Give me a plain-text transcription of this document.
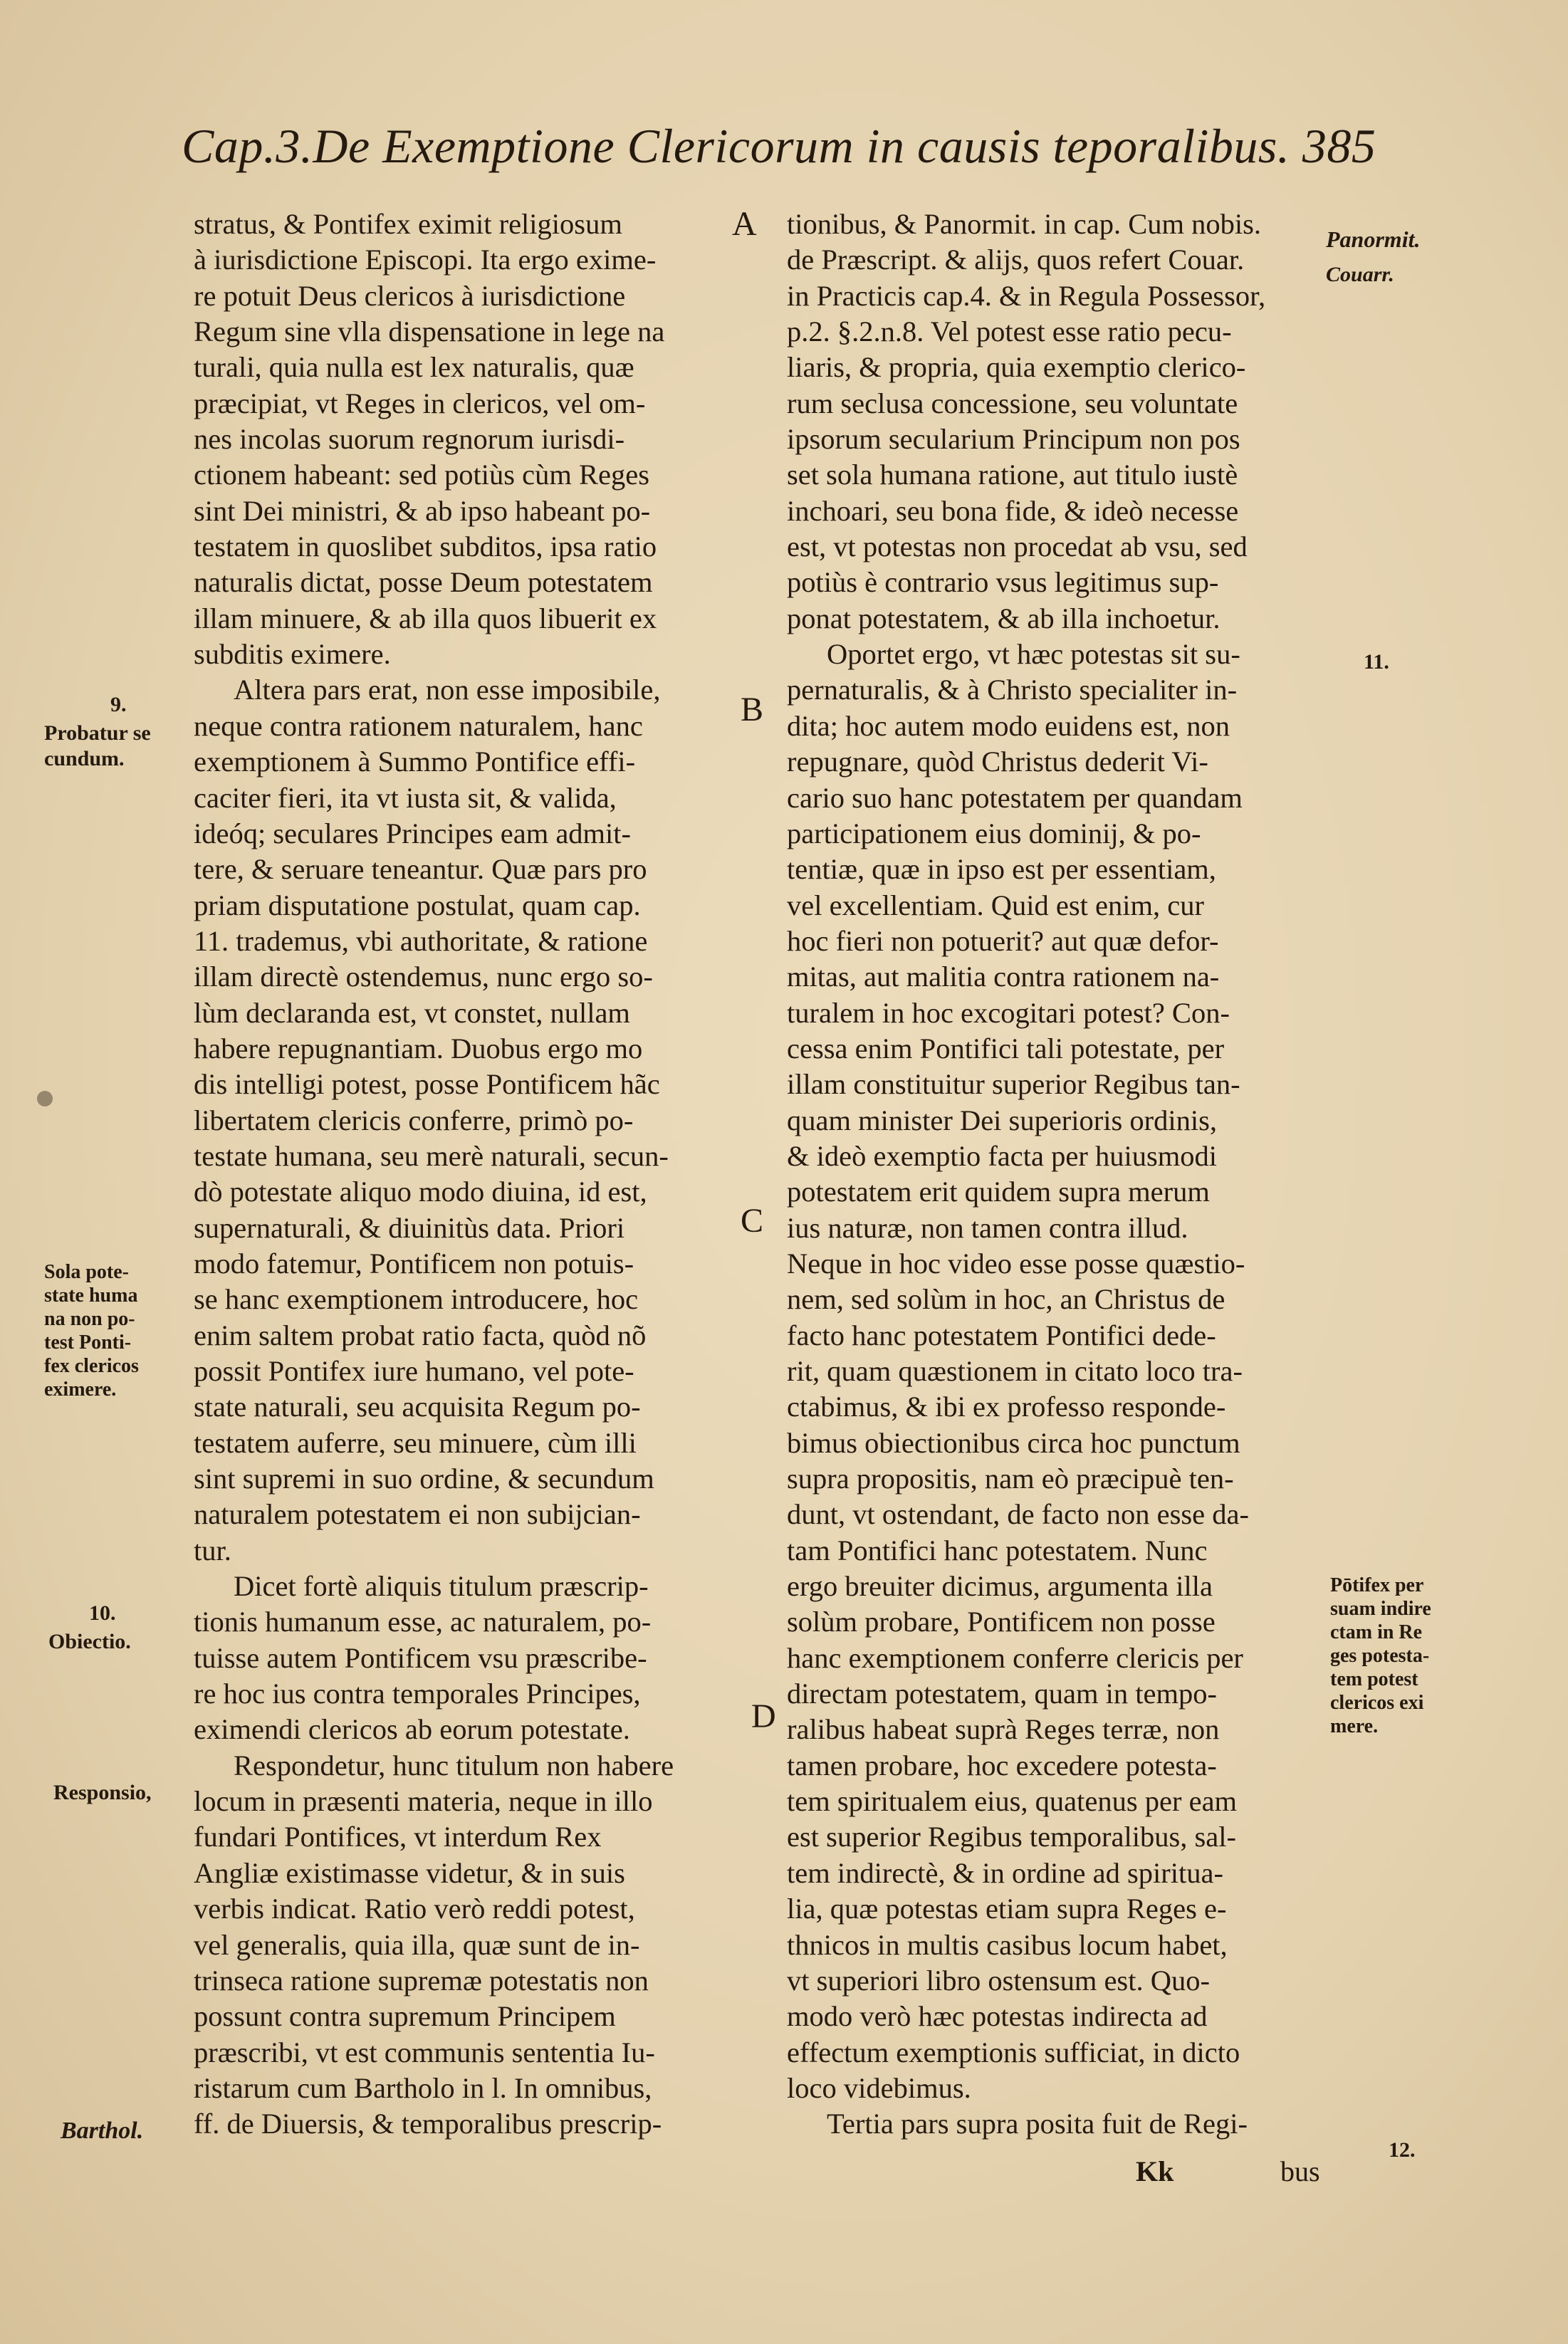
Cap.3.De Exemptione Clericorum in causis teporalibus. 385
stratus, & Pontifex eximit religiosum
à iurisdictione Episcopi. Ita ergo exime-
re potuit Deus clericos à iurisdictione
Regum sine vlla dispensatione in lege na
turali, quia nulla est lex naturalis, quæ
præcipiat, vt Reges in clericos, vel om-
nes incolas suorum regnorum iurisdi-
ctionem habeant: sed potiùs cùm Reges
sint Dei ministri, & ab ipso habeant po-
testatem in quoslibet subditos, ipsa ratio
naturalis dictat, posse Deum potestatem
illam minuere, & ab illa quos libuerit ex
subditis eximere.
Altera pars erat, non esse imposibile,
neque contra rationem naturalem, hanc
exemptionem à Summo Pontifice effi-
caciter fieri, ita vt iusta sit, & valida,
ideóq; seculares Principes eam admit-
tere, & seruare teneantur. Quæ pars pro
priam disputatione postulat, quam cap.
11. trademus, vbi authoritate, & ratione
illam directè ostendemus, nunc ergo so-
lùm declaranda est, vt constet, nullam
habere repugnantiam. Duobus ergo mo
dis intelligi potest, posse Pontificem hãc
libertatem clericis conferre, primò po-
testate humana, seu merè naturali, secun-
dò potestate aliquo modo diuina, id est,
supernaturali, & diuinitùs data. Priori
modo fatemur, Pontificem non potuis-
se hanc exemptionem introducere, hoc
enim saltem probat ratio facta, quòd nõ
possit Pontifex iure humano, vel pote-
state naturali, seu acquisita Regum po-
testatem auferre, seu minuere, cùm illi
sint supremi in suo ordine, & secundum
naturalem potestatem ei non subijcian-
tur.
Dicet fortè aliquis titulum præscrip-
tionis humanum esse, ac naturalem, po-
tuisse autem Pontificem vsu præscribe-
re hoc ius contra temporales Principes,
eximendi clericos ab eorum potestate.
Respondetur, hunc titulum non habere
locum in præsenti materia, neque in illo
fundari Pontifices, vt interdum Rex
Angliæ existimasse videtur, & in suis
verbis indicat. Ratio verò reddi potest,
vel generalis, quia illa, quæ sunt de in-
trinseca ratione supremæ potestatis non
possunt contra supremum Principem
præscribi, vt est communis sententia Iu-
ristarum cum Bartholo in l. In omnibus,
ff. de Diuersis, & temporalibus prescrip-
tionibus, & Panormit. in cap. Cum nobis.
de Præscript. & alijs, quos refert Couar.
in Practicis cap.4. & in Regula Possessor,
p.2. §.2.n.8. Vel potest esse ratio pecu-
liaris, & propria, quia exemptio clerico-
rum seclusa concessione, seu voluntate
ipsorum secularium Principum non pos
set sola humana ratione, aut titulo iustè
inchoari, seu bona fide, & ideò necesse
est, vt potestas non procedat ab vsu, sed
potiùs è contrario vsus legitimus sup-
ponat potestatem, & ab illa inchoetur.
Oportet ergo, vt hæc potestas sit su-
pernaturalis, & à Christo specialiter in-
dita; hoc autem modo euidens est, non
repugnare, quòd Christus dederit Vi-
cario suo hanc potestatem per quandam
participationem eius dominij, & po-
tentiæ, quæ in ipso est per essentiam,
vel excellentiam. Quid est enim, cur
hoc fieri non potuerit? aut quæ defor-
mitas, aut malitia contra rationem na-
turalem in hoc excogitari potest? Con-
cessa enim Pontifici tali potestate, per
illam constituitur superior Regibus tan-
quam minister Dei superioris ordinis,
& ideò exemptio facta per huiusmodi
potestatem erit quidem supra merum
ius naturæ, non tamen contra illud.
Neque in hoc video esse posse quæstio-
nem, sed solùm in hoc, an Christus de
facto hanc potestatem Pontifici dede-
rit, quam quæstionem in citato loco tra-
ctabimus, & ibi ex professo responde-
bimus obiectionibus circa hoc punctum
supra propositis, nam eò præcipuè ten-
dunt, vt ostendant, de facto non esse da-
tam Pontifici hanc potestatem. Nunc
ergo breuiter dicimus, argumenta illa
solùm probare, Pontificem non posse
hanc exemptionem conferre clericis per
directam potestatem, quam in tempo-
ralibus habeat suprà Reges terræ, non
tamen probare, hoc excedere potesta-
tem spiritualem eius, quatenus per eam
est superior Regibus temporalibus, sal-
tem indirectè, & in ordine ad spiritua-
lia, quæ potestas etiam supra Reges e-
thnicos in multis casibus locum habet,
vt superiori libro ostensum est. Quo-
modo verò hæc potestas indirecta ad
effectum exemptionis sufficiat, in dicto
loco videbimus.
Tertia pars supra posita fuit de Regi-
A
B
C
D
9.
Probatur se
cundum.
Sola pote-
state huma
na non po-
test Ponti-
fex clericos
eximere.
10.
Obiectio.
Responsio,
Barthol.
Panormit.
Couarr.
11.
Pōtifex per
suam indire
ctam in Re
ges potesta-
tem potest
clericos exi
mere.
12.
Kk	bus
